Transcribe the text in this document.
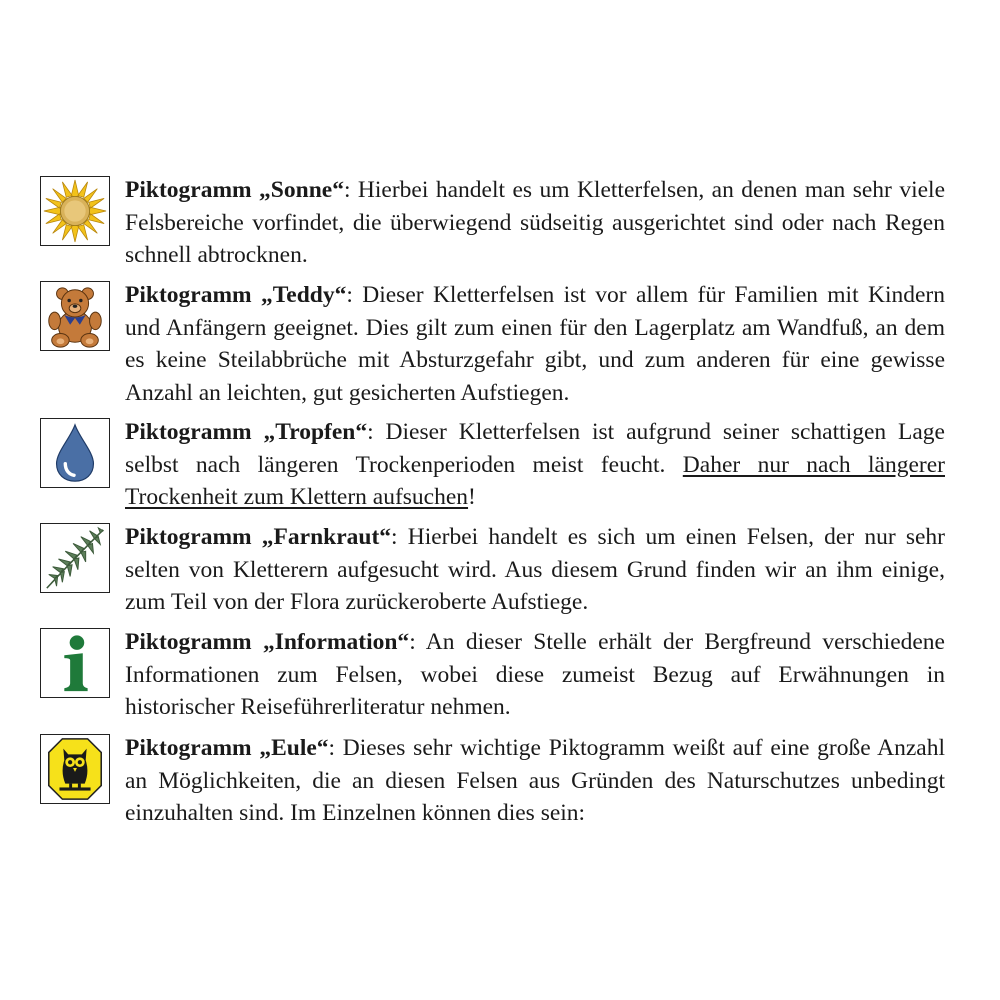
Piktogramm „Sonne“: Hierbei handelt es um Kletterfelsen, an denen man sehr viele Felsbereiche vorfindet, die überwiegend südseitig ausgerichtet sind oder nach Regen schnell abtrocknen.
Piktogramm „Teddy“: Dieser Kletterfelsen ist vor allem für Familien mit Kindern und Anfängern geeignet. Dies gilt zum einen für den Lagerplatz am Wandfuß, an dem es keine Steilabbrüche mit Absturzgefahr gibt, und zum anderen für eine gewisse Anzahl an leichten, gut gesicherten Aufstiegen.
Piktogramm „Tropfen“: Dieser Kletterfelsen ist aufgrund seiner schattigen Lage selbst nach längeren Trockenperioden meist feucht. Daher nur nach längerer Trockenheit zum Klettern aufsuchen!
Piktogramm „Farnkraut“: Hierbei handelt es sich um einen Felsen, der nur sehr selten von Kletterern aufgesucht wird. Aus diesem Grund finden wir an ihm einige, zum Teil von der Flora zurückeroberte Aufstiege.
Piktogramm „Information“: An dieser Stelle erhält der Bergfreund verschiedene Informationen zum Felsen, wobei diese zumeist Bezug auf Erwähnungen in historischer Reiseführerliteratur nehmen.
Piktogramm „Eule“: Dieses sehr wichtige Piktogramm weißt auf eine große Anzahl an Möglichkeiten, die an diesen Felsen aus Gründen des Naturschutzes unbedingt einzuhalten sind. Im Einzelnen können dies sein:
